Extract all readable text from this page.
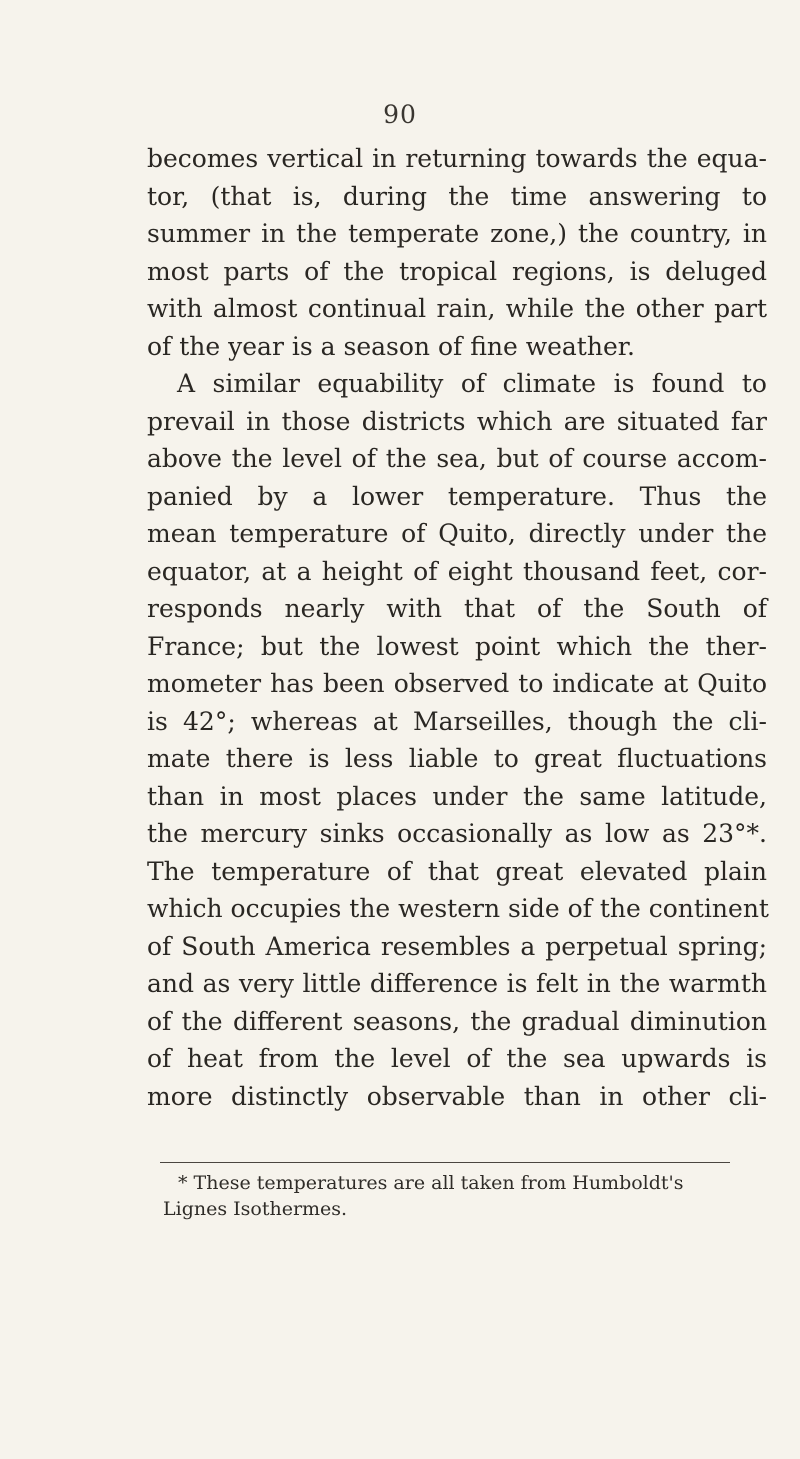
90
becomes vertical in returning towards the equa-
tor, (that is, during the time answering to
summer in the temperate zone,) the country, in
most parts of the tropical regions, is deluged
with almost continual rain, while the other part
of the year is a season of fine weather.
A similar equability of climate is found to
prevail in those districts which are situated far
above the level of the sea, but of course accom-
panied by a lower temperature. Thus the
mean temperature of Quito, directly under the
equator, at a height of eight thousand feet, cor-
responds nearly with that of the South of
France; but the lowest point which the ther-
mometer has been observed to indicate at Quito
is 42°; whereas at Marseilles, though the cli-
mate there is less liable to great fluctuations
than in most places under the same latitude,
the mercury sinks occasionally as low as 23°*.
The temperature of that great elevated plain
which occupies the western side of the continent
of South America resembles a perpetual spring;
and as very little difference is felt in the warmth
of the different seasons, the gradual diminution
of heat from the level of the sea upwards is
more distinctly observable than in other cli-
* These temperatures are all taken from Humboldt's
Lignes Isothermes.
